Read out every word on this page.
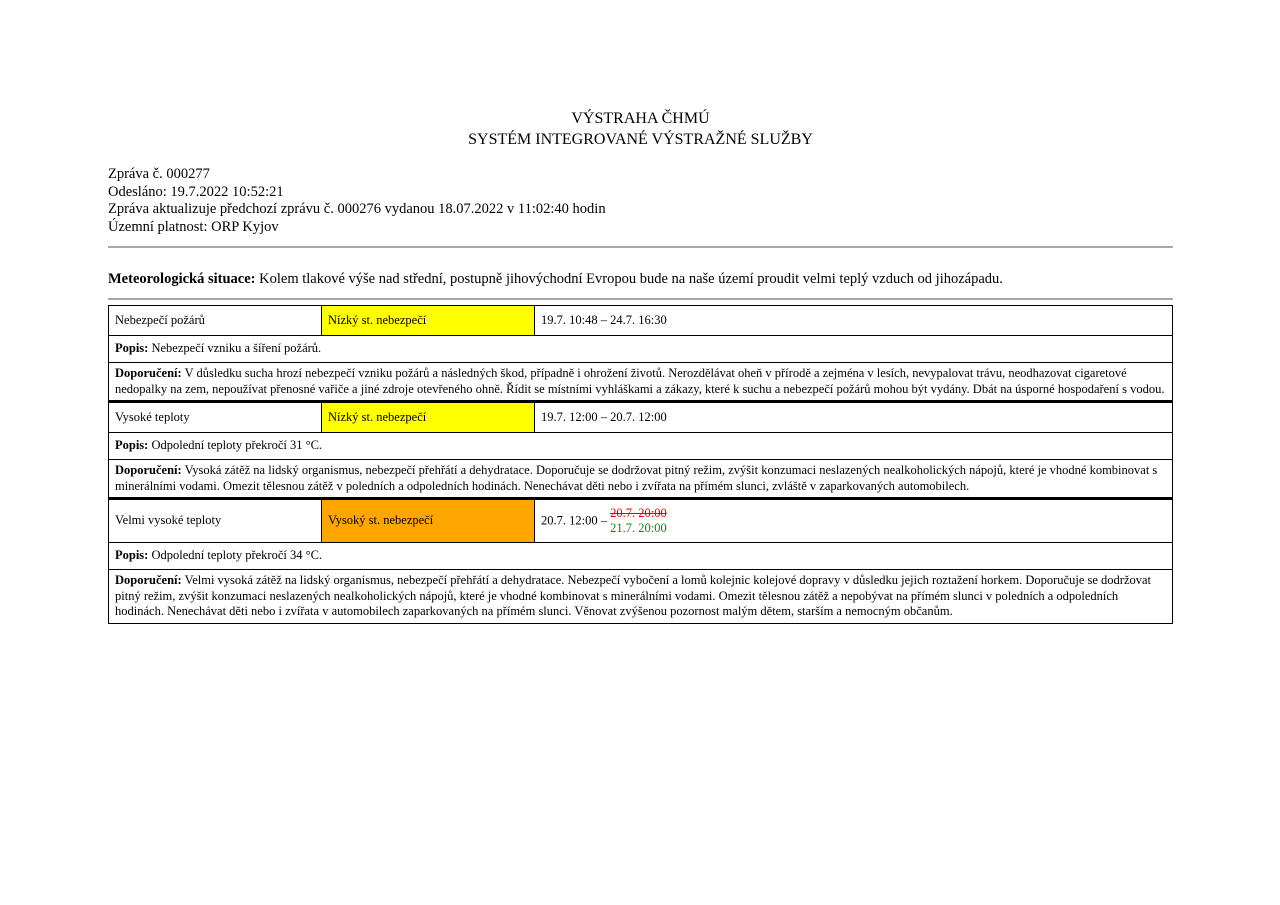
VÝSTRAHA ČHMÚ
SYSTÉM INTEGROVANÉ VÝSTRAŽNÉ SLUŽBY
Zpráva č. 000277
Odesláno: 19.7.2022 10:52:21
Zpráva aktualizuje předchozí zprávu č. 000276 vydanou 18.07.2022 v 11:02:40 hodin
Územní platnost: ORP Kyjov
Meteorologická situace: Kolem tlakové výše nad střední, postupně jihovýchodní Evropou bude na naše území proudit velmi teplý vzduch od jihozápadu.
Nebezpečí požárů	Nízký st. nebezpečí	19.7. 10:48 – 24.7. 16:30
Popis: Nebezpečí vzniku a šíření požárů.		
Doporučení: V důsledku sucha hrozí nebezpečí vzniku požárů a následných škod, případně i ohrožení životů. Nerozdělávat oheň v přírodě a zejména v lesích, nevypalovat trávu, neodhazovat cigaretové nedopalky na zem, nepoužívat přenosné vařiče a jiné zdroje otevřeného ohně. Řídit se místními vyhláškami a zákazy, které k suchu a nebezpečí požárů mohou být vydány. Dbát na úsporné hospodaření s vodou.		
Vysoké teploty	Nízký st. nebezpečí	19.7. 12:00 – 20.7. 12:00
Popis: Odpolední teploty překročí 31 °C.		
Doporučení: Vysoká zátěž na lidský organismus, nebezpečí přehřátí a dehydratace. Doporučuje se dodržovat pitný režim, zvýšit konzumaci neslazených nealkoholických nápojů, které je vhodné kombinovat s minerálními vodami. Omezit tělesnou zátěž v poledních a odpoledních hodinách. Nenechávat děti nebo i zvířata na přímém slunci, zvláště v zaparkovaných automobilech.		
Velmi vysoké teploty	Vysoký st. nebezpečí	20.7. 12:00 –
20.7. 20:00
21.7. 20:00

Popis: Odpolední teploty překročí 34 °C.		
Doporučení: Velmi vysoká zátěž na lidský organismus, nebezpečí přehřátí a dehydratace. Nebezpečí vybočení a lomů kolejnic kolejové dopravy v důsledku jejich roztažení horkem. Doporučuje se dodržovat pitný režim, zvýšit konzumaci neslazených nealkoholických nápojů, které je vhodné kombinovat s minerálními vodami. Omezit tělesnou zátěž a nepobývat na přímém slunci v poledních a odpoledních hodinách. Nenechávat děti nebo i zvířata v automobilech zaparkovaných na přímém slunci. Věnovat zvýšenou pozornost malým dětem, starším a nemocným občanům.		
